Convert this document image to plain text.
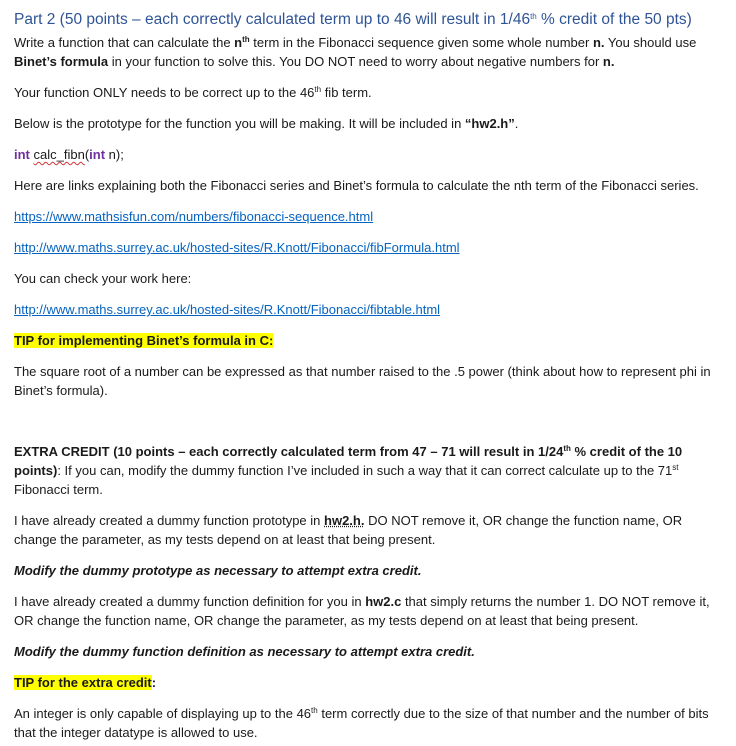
Part 2 (50 points – each correctly calculated term up to 46 will result in 1/46th % credit of the 50 pts)

Write a function that can calculate the $n^{th}$ term in the Fibonacci sequence given some whole number n. You should use Binet’s formula in your function to solve this. You DO NOT need to worry about negative numbers for n.

Your function ONLY needs to be correct up to the 46th fib term.

Below is the prototype for the function you will be making. It will be included in “hw2.h”.

int calc_fibn(int n);

Here are links explaining both the Fibonacci series and Binet’s formula to calculate the nth term of the Fibonacci series.

https://www.mathsisfun.com/numbers/fibonacci-sequence.html

http://www.maths.surrey.ac.uk/hosted-sites/R.Knott/Fibonacci/fibFormula.html

You can check your work here:

http://www.maths.surrey.ac.uk/hosted-sites/R.Knott/Fibonacci/fibtable.html

TIP for implementing Binet’s formula in C:

The square root of a number can be expressed as that number raised to the .5 power (think about how to represent phi in Binet’s formula).

EXTRA CREDIT (10 points – each correctly calculated term from 47 – 71 will result in 1/24th % credit of the 10 points): If you can, modify the dummy function I’ve included in such a way that it can correct calculate up to the 71st Fibonacci term.

I have already created a dummy function prototype in hw2.h. DO NOT remove it, OR change the function name, OR change the parameter, as my tests depend on at least that being present.

Modify the dummy prototype as necessary to attempt extra credit.

I have already created a dummy function definition for you in hw2.c that simply returns the number 1. DO NOT remove it, OR change the function name, OR change the parameter, as my tests depend on at least that being present.

Modify the dummy function definition as necessary to attempt extra credit.

TIP for the extra credit:

An integer is only capable of displaying up to the 46th term correctly due to the size of that number and the number of bits that the integer datatype is allowed to use.
